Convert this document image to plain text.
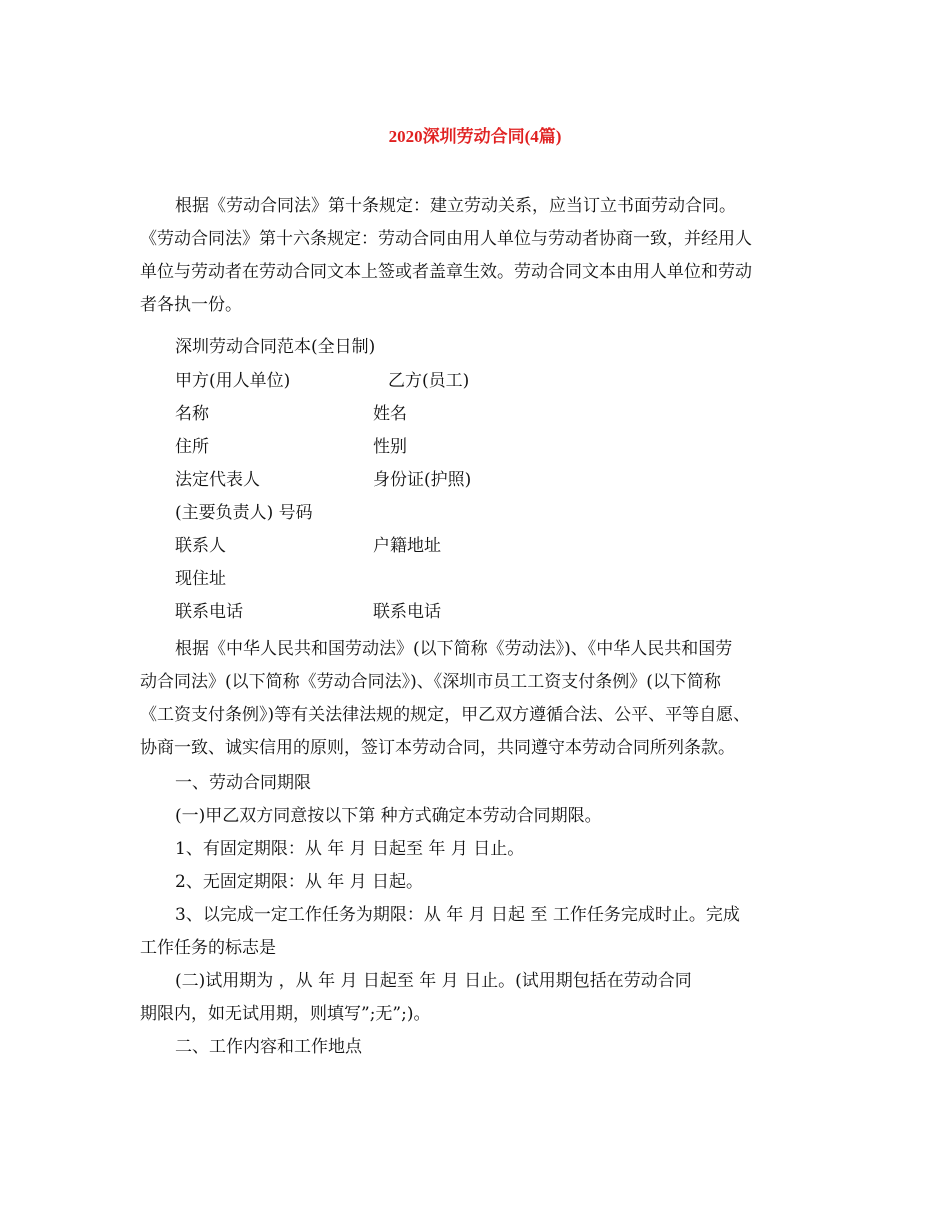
2020深圳劳动合同(4篇)
根据《劳动合同法》第十条规定：建立劳动关系，应当订立书面劳动合同。
《劳动合同法》第十六条规定：劳动合同由用人单位与劳动者协商一致，并经用人
单位与劳动者在劳动合同文本上签或者盖章生效。劳动合同文本由用人单位和劳动
者各执一份。
深圳劳动合同范本(全日制)
甲方(用人单位)	乙方(员工)
名称	姓名
住所	性别
法定代表人	身份证(护照)
(主要负责人) 号码
联系人	户籍地址
现住址
联系电话	联系电话
根据《中华人民共和国劳动法》(以下简称《劳动法》)、《中华人民共和国劳
动合同法》(以下简称《劳动合同法》)、《深圳市员工工资支付条例》(以下简称
《工资支付条例》)等有关法律法规的规定，甲乙双方遵循合法、公平、平等自愿、
协商一致、诚实信用的原则，签订本劳动合同，共同遵守本劳动合同所列条款。
一、劳动合同期限
(一)甲乙双方同意按以下第 种方式确定本劳动合同期限。
1、有固定期限：从 年 月 日起至 年 月 日止。
2、无固定期限：从 年 月 日起。
3、以完成一定工作任务为期限：从 年 月 日起 至 工作任务完成时止。完成
工作任务的标志是
(二)试用期为 ，从 年 月 日起至 年 月 日止。(试用期包括在劳动合同
期限内，如无试用期，则填写”;无”;)。
二、工作内容和工作地点
